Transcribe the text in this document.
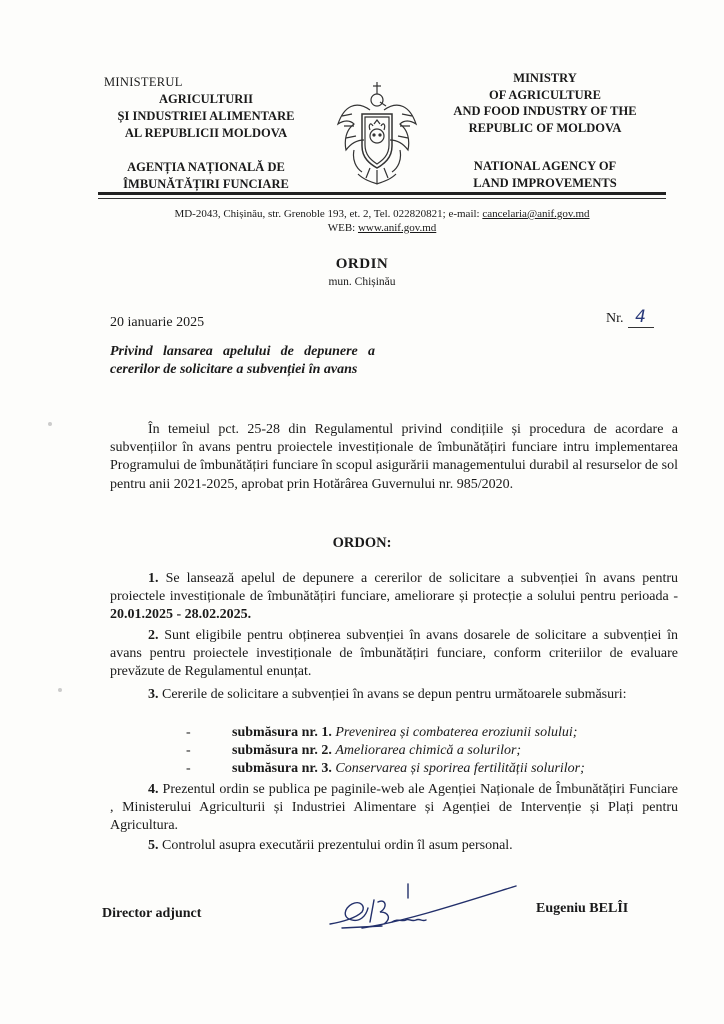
MINISTERUL
AGRICULTURII
ȘI INDUSTRIEI ALIMENTARE
AL REPUBLICII MOLDOVA
AGENȚIA NAȚIONALĂ DE
ÎMBUNĂTĂȚIRI FUNCIARE
MINISTRY
OF AGRICULTURE
AND FOOD INDUSTRY OF THE
REPUBLIC OF MOLDOVA
NATIONAL AGENCY OF
LAND IMPROVEMENTS
MD-2043, Chișinău, str. Grenoble 193, et. 2, Tel. 022820821; e-mail: cancelaria@anif.gov.md
WEB: www.anif.gov.md
ORDIN
mun. Chișinău
20 ianuarie 2025	Nr. 4
Privind lansarea apelului de depunere a cererilor de solicitare a subvenției în avans
În temeiul pct. 25-28 din Regulamentul privind condițiile și procedura de acordare a subvențiilor în avans pentru proiectele investiționale de îmbunătățiri funciare intru implementarea Programului de îmbunătățiri funciare în scopul asigurării managementului durabil al resurselor de sol pentru anii 2021-2025, aprobat prin Hotărârea Guvernului nr. 985/2020.
ORDON:
1. Se lansează apelul de depunere a cererilor de solicitare a subvenției în avans pentru proiectele investiționale de îmbunătățiri funciare, ameliorare și protecție a solului pentru perioada - 20.01.2025 - 28.02.2025.
2. Sunt eligibile pentru obținerea subvenției în avans dosarele de solicitare a subvenției în avans pentru proiectele investiționale de îmbunătățiri funciare, conform criteriilor de evaluare prevăzute de Regulamentul enunțat.
3. Cererile de solicitare a subvenției în avans se depun pentru următoarele submăsuri:
-	submăsura nr. 1. Prevenirea și combaterea eroziunii solului;
-	submăsura nr. 2. Ameliorarea chimică a solurilor;
-	submăsura nr. 3. Conservarea și sporirea fertilității solurilor;
4. Prezentul ordin se publica pe paginile-web ale Agenției Naționale de Îmbunătățiri Funciare , Ministerului Agriculturii și Industriei Alimentare și Agenției de Intervenție și Plați pentru Agricultura.
5. Controlul asupra executării prezentului ordin îl asum personal.
Director adjunct	Eugeniu BELÎI
